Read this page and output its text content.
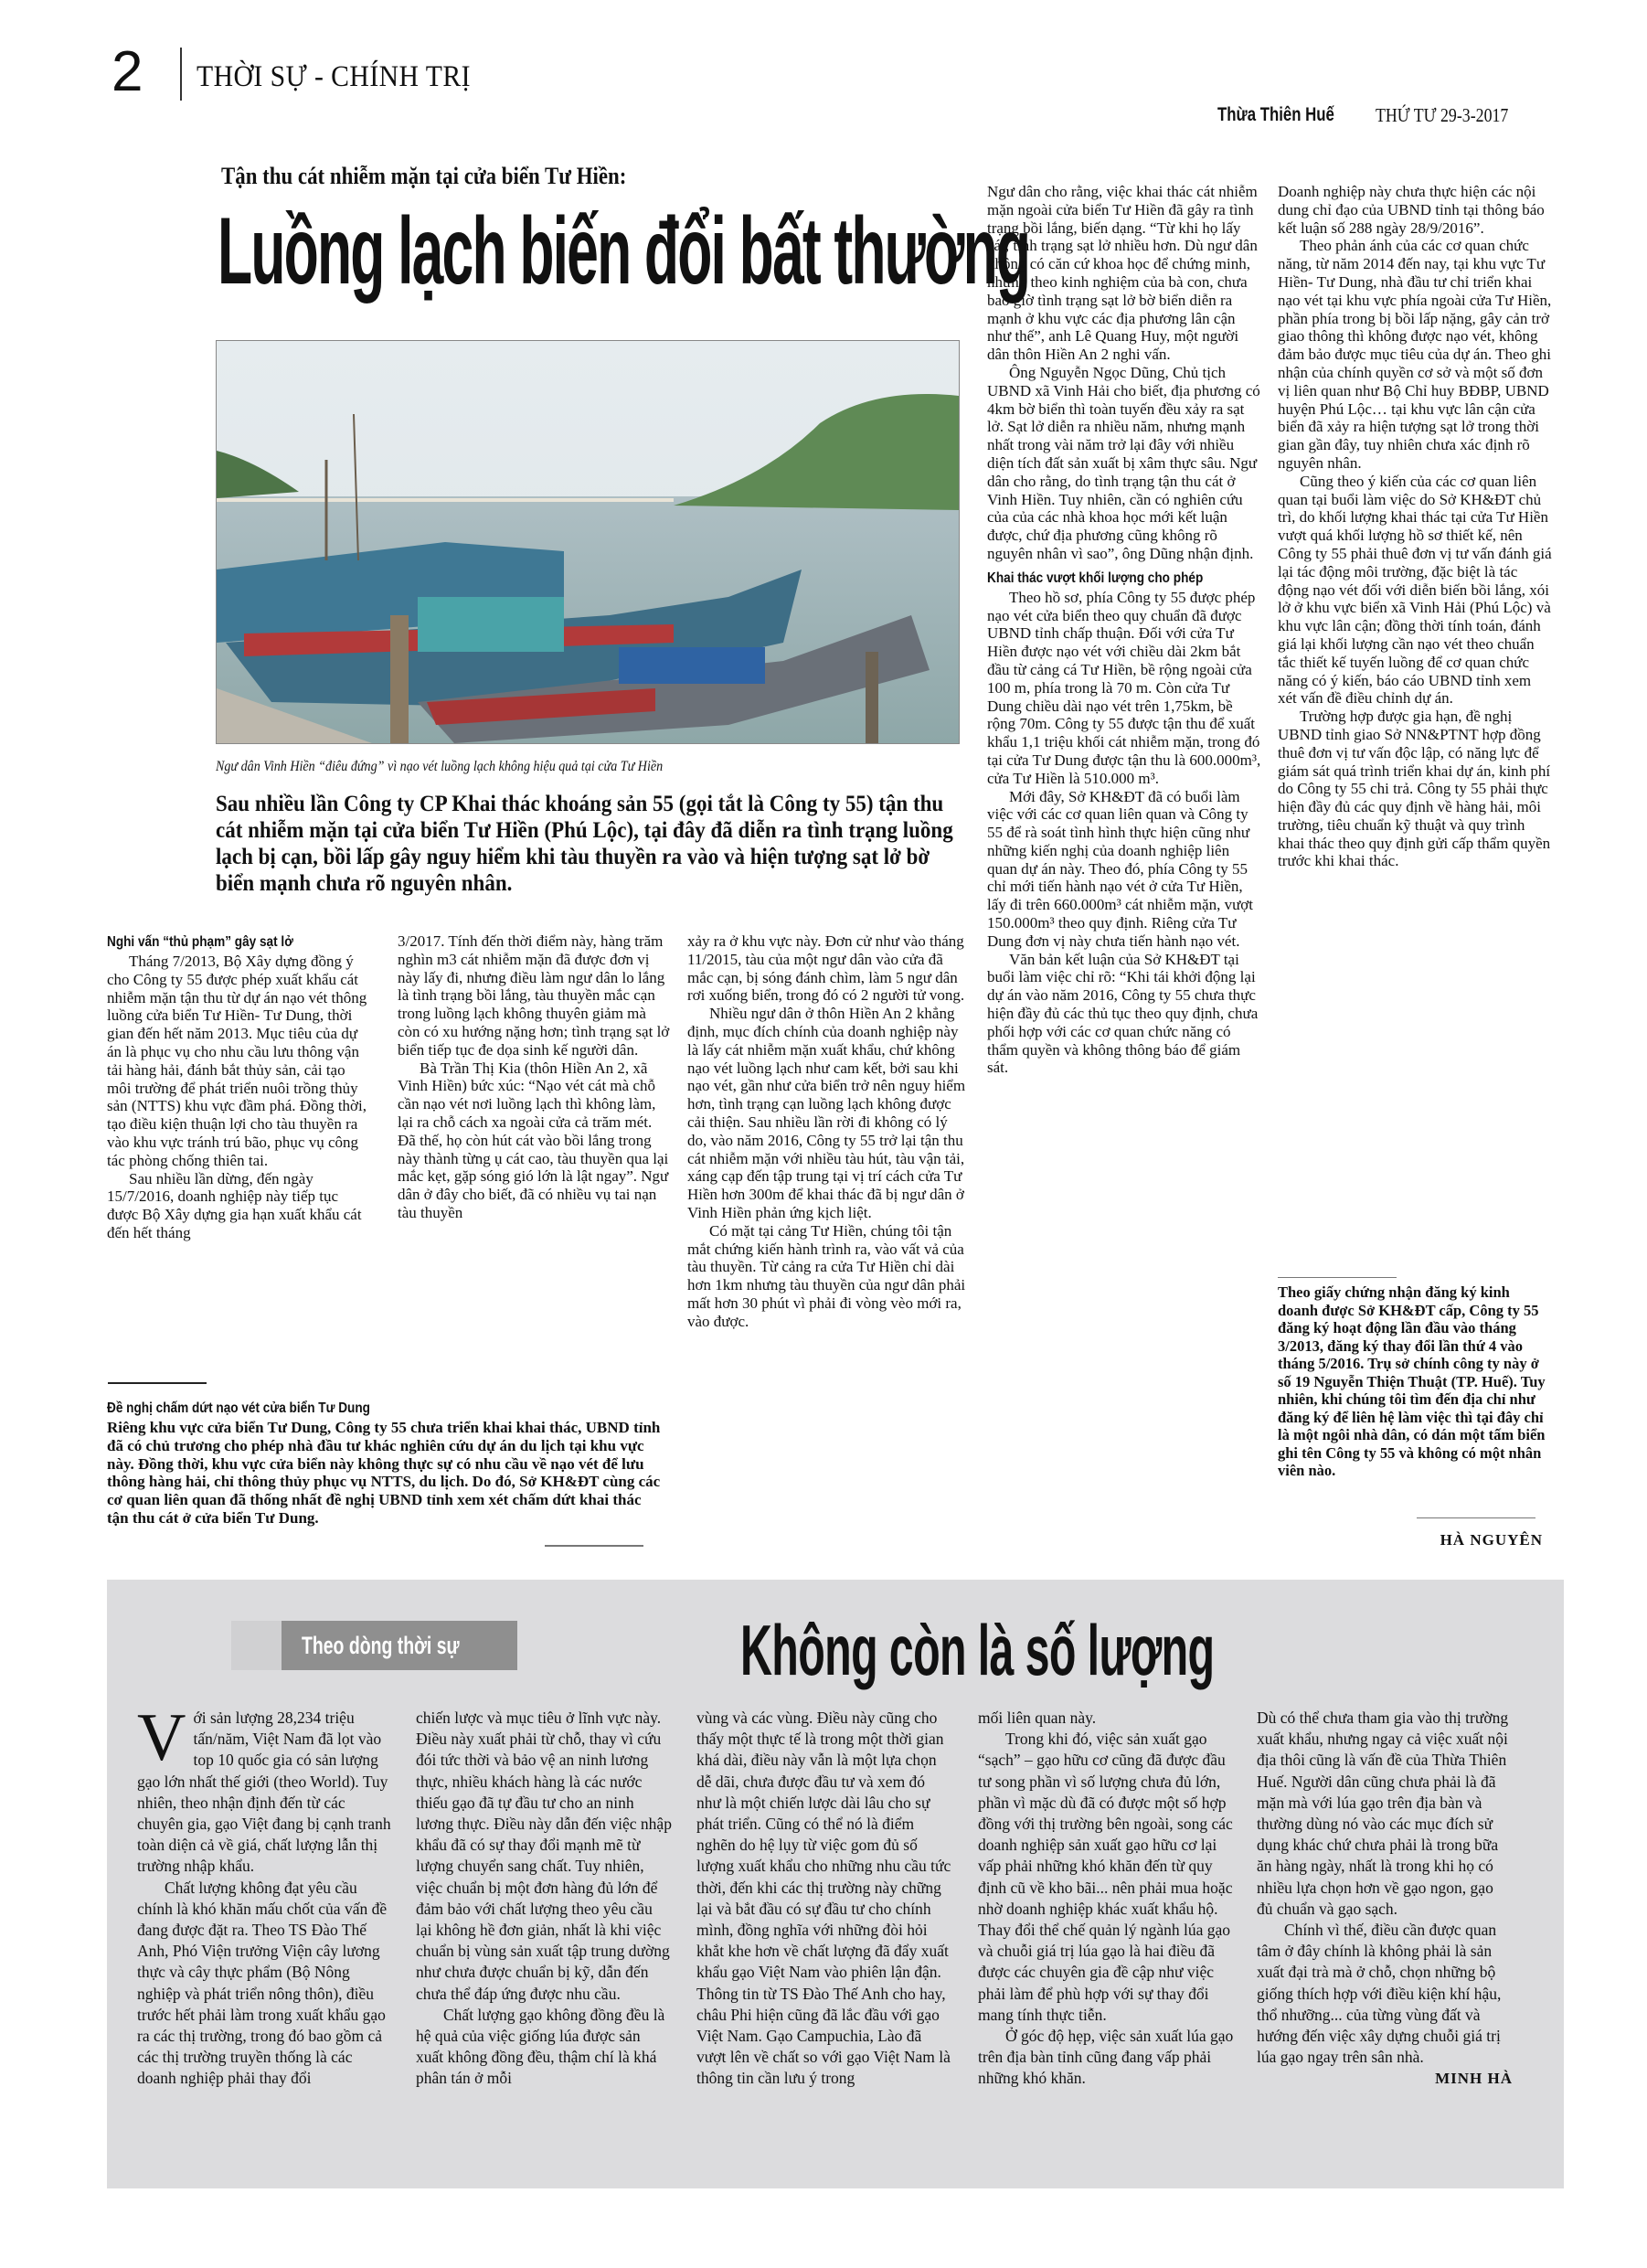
2 THỜI SỰ - CHÍNH TRỊ
Thừa Thiên Huế THỨ TƯ 29-3-2017
Tận thu cát nhiễm mặn tại cửa biển Tư Hiền:
Luồng lạch biến đổi bất thường
Ngư dân Vinh Hiền “điêu đứng” vì nạo vét luồng lạch không hiệu quả tại cửa Tư Hiền
Sau nhiều lần Công ty CP Khai thác khoáng sản 55 (gọi tắt là Công ty 55) tận thu cát nhiễm mặn tại cửa biển Tư Hiền (Phú Lộc), tại đây đã diễn ra tình trạng luồng lạch bị cạn, bồi lấp gây nguy hiểm khi tàu thuyền ra vào và hiện tượng sạt lở bờ biển mạnh chưa rõ nguyên nhân.

Nghi vấn “thủ phạm” gây sạt lở

Tháng 7/2013, Bộ Xây dựng đồng ý cho Công ty 55 được phép xuất khẩu cát nhiễm mặn tận thu từ dự án nạo vét thông luồng cửa biển Tư Hiền- Tư Dung, thời gian đến hết năm 2013. Mục tiêu của dự án là phục vụ cho nhu cầu lưu thông vận tải hàng hải, đánh bắt thủy sản, cải tạo môi trường để phát triển nuôi trồng thủy sản (NTTS) khu vực đầm phá. Đồng thời, tạo điều kiện thuận lợi cho tàu thuyền ra vào khu vực tránh trú bão, phục vụ công tác phòng chống thiên tai.

Sau nhiều lần dừng, đến ngày 15/7/2016, doanh nghiệp này tiếp tục được Bộ Xây dựng gia hạn xuất khẩu cát đến hết tháng

3/2017. Tính đến thời điểm này, hàng trăm nghìn m3 cát nhiễm mặn đã được đơn vị này lấy đi, nhưng điều làm ngư dân lo lắng là tình trạng bồi lắng, tàu thuyền mắc cạn trong luồng lạch không thuyên giảm mà còn có xu hướng nặng hơn; tình trạng sạt lở biển tiếp tục đe dọa sinh kế người dân.

Bà Trần Thị Kia (thôn Hiền An 2, xã Vinh Hiền) bức xúc: “Nạo vét cát mà chỗ cần nạo vét nơi luồng lạch thì không làm, lại ra chỗ cách xa ngoài cửa cả trăm mét. Đã thế, họ còn hút cát vào bồi lắng trong này thành từng ụ cát cao, tàu thuyền qua lại mắc kẹt, gặp sóng gió lớn là lật ngay”. Ngư dân ở đây cho biết, đã có nhiều vụ tai nạn tàu thuyền

Đề nghị chấm dứt nạo vét cửa biển Tư Dung

Riêng khu vực cửa biển Tư Dung, Công ty 55 chưa triển khai khai thác, UBND tỉnh đã có chủ trương cho phép nhà đầu tư khác nghiên cứu dự án du lịch tại khu vực này. Đồng thời, khu vực cửa biển này không thực sự có nhu cầu về nạo vét để lưu thông hàng hải, chỉ thông thủy phục vụ NTTS, du lịch. Do đó, Sở KH&ĐT cùng các cơ quan liên quan đã thống nhất đề nghị UBND tỉnh xem xét chấm dứt khai thác tận thu cát ở cửa biển Tư Dung.

xảy ra ở khu vực này. Đơn cử như vào tháng 11/2015, tàu của một ngư dân vào cửa đã mắc cạn, bị sóng đánh chìm, làm 5 ngư dân rơi xuống biển, trong đó có 2 người tử vong.

Nhiều ngư dân ở thôn Hiền An 2 khẳng định, mục đích chính của doanh nghiệp này là lấy cát nhiễm mặn xuất khẩu, chứ không nạo vét luồng lạch như cam kết, bởi sau khi nạo vét, gần như cửa biển trở nên nguy hiểm hơn, tình trạng cạn luồng lạch không được cải thiện. Sau nhiều lần rời đi không có lý do, vào năm 2016, Công ty 55 trở lại tận thu cát nhiễm mặn với nhiều tàu hút, tàu vận tải, xáng cạp đến tập trung tại vị trí cách cửa Tư Hiền hơn 300m để khai thác đã bị ngư dân ở Vinh Hiền phản ứng kịch liệt.

Có mặt tại cảng Tư Hiền, chúng tôi tận mắt chứng kiến hành trình ra, vào vất vả của tàu thuyền. Từ cảng ra cửa Tư Hiền chỉ dài hơn 1km nhưng tàu thuyền của ngư dân phải mất hơn 30 phút vì phải đi vòng vèo mới ra, vào được.

Ngư dân cho rằng, việc khai thác cát nhiễm mặn ngoài cửa biển Tư Hiền đã gây ra tình trạng bồi lắng, biến dạng. “Từ khi họ lấy cát, tình trạng sạt lở nhiều hơn. Dù ngư dân không có căn cứ khoa học để chứng minh, nhưng theo kinh nghiệm của bà con, chưa bao giờ tình trạng sạt lở bờ biển diễn ra mạnh ở khu vực các địa phương lân cận như thế”, anh Lê Quang Huy, một người dân thôn Hiền An 2 nghi vấn.

Ông Nguyễn Ngọc Dũng, Chủ tịch UBND xã Vinh Hải cho biết, địa phương có 4km bờ biển thì toàn tuyến đều xảy ra sạt lở. Sạt lở diễn ra nhiều năm, nhưng mạnh nhất trong vài năm trở lại đây với nhiều diện tích đất sản xuất bị xâm thực sâu. Ngư dân cho rằng, do tình trạng tận thu cát ở Vinh Hiền. Tuy nhiên, cần có nghiên cứu của của các nhà khoa học mới kết luận được, chứ địa phương cũng không rõ nguyên nhân vì sao”, ông Dũng nhận định.

Khai thác vượt khối lượng cho phép

Theo hồ sơ, phía Công ty 55 được phép nạo vét cửa biển theo quy chuẩn đã được UBND tỉnh chấp thuận. Đối với cửa Tư Hiền được nạo vét với chiều dài 2km bắt đầu từ cảng cá Tư Hiền, bề rộng ngoài cửa 100 m, phía trong là 70 m. Còn cửa Tư Dung chiều dài nạo vét trên 1,75km, bề rộng 70m. Công ty 55 được tận thu để xuất khẩu 1,1 triệu khối cát nhiễm mặn, trong đó tại cửa Tư Dung được tận thu là 600.000m³, cửa Tư Hiền là 510.000 m³.

Mới đây, Sở KH&ĐT đã có buổi làm việc với các cơ quan liên quan và Công ty 55 để rà soát tình hình thực hiện cũng như những kiến nghị của doanh nghiệp liên quan dự án này. Theo đó, phía Công ty 55 chỉ mới tiến hành nạo vét ở cửa Tư Hiền, lấy đi trên 660.000m³ cát nhiễm mặn, vượt 150.000m³ theo quy định. Riêng cửa Tư Dung đơn vị này chưa tiến hành nạo vét.

Văn bản kết luận của Sở KH&ĐT tại buổi làm việc chỉ rõ: “Khi tái khởi động lại dự án vào năm 2016, Công ty 55 chưa thực hiện đầy đủ các thủ tục theo quy định, chưa phối hợp với các cơ quan chức năng có thẩm quyền và không thông báo để giám sát.

Doanh nghiệp này chưa thực hiện các nội dung chỉ đạo của UBND tỉnh tại thông báo kết luận số 288 ngày 28/9/2016”.

Theo phản ánh của các cơ quan chức năng, từ năm 2014 đến nay, tại khu vực Tư Hiền- Tư Dung, nhà đầu tư chỉ triển khai nạo vét tại khu vực phía ngoài cửa Tư Hiền, phần phía trong bị bồi lấp nặng, gây cản trở giao thông thì không được nạo vét, không đảm bảo được mục tiêu của dự án. Theo ghi nhận của chính quyền cơ sở và một số đơn vị liên quan như Bộ Chỉ huy BĐBP, UBND huyện Phú Lộc… tại khu vực lân cận cửa biển đã xảy ra hiện tượng sạt lở trong thời gian gần đây, tuy nhiên chưa xác định rõ nguyên nhân.

Cũng theo ý kiến của các cơ quan liên quan tại buổi làm việc do Sở KH&ĐT chủ trì, do khối lượng khai thác tại cửa Tư Hiền vượt quá khối lượng hồ sơ thiết kế, nên Công ty 55 phải thuê đơn vị tư vấn đánh giá lại tác động môi trường, đặc biệt là tác động nạo vét đối với diễn biến bồi lắng, xói lở ở khu vực biển xã Vinh Hải (Phú Lộc) và khu vực lân cận; đồng thời tính toán, đánh giá lại khối lượng cần nạo vét theo chuẩn tắc thiết kế tuyến luồng để cơ quan chức năng có ý kiến, báo cáo UBND tỉnh xem xét vấn đề điều chỉnh dự án.

Trường hợp được gia hạn, đề nghị UBND tỉnh giao Sở NN&PTNT hợp đồng thuê đơn vị tư vấn độc lập, có năng lực để giám sát quá trình triển khai dự án, kinh phí do Công ty 55 chi trả. Công ty 55 phải thực hiện đầy đủ các quy định về hàng hải, môi trường, tiêu chuẩn kỹ thuật và quy trình khai thác theo quy định gửi cấp thẩm quyền trước khi khai thác.

Theo giấy chứng nhận đăng ký kinh doanh được Sở KH&ĐT cấp, Công ty 55 đăng ký hoạt động lần đầu vào tháng 3/2013, đăng ký thay đổi lần thứ 4 vào tháng 5/2016. Trụ sở chính công ty này ở số 19 Nguyễn Thiện Thuật (TP. Huế). Tuy nhiên, khi chúng tôi tìm đến địa chỉ như đăng ký để liên hệ làm việc thì tại đây chỉ là một ngôi nhà dân, có dán một tấm biển ghi tên Công ty 55 và không có một nhân viên nào.
HÀ NGUYÊN
Theo dòng thời sự	Không còn là số lượng
V ới sản lượng 28,234 triệu tấn/năm, Việt Nam đã lọt vào top 10 quốc gia có sản lượng gạo lớn nhất thế giới (theo World). Tuy nhiên, theo nhận định đến từ các chuyên gia, gạo Việt đang bị cạnh tranh toàn diện cả về giá, chất lượng lẫn thị trường nhập khẩu.

Chất lượng không đạt yêu cầu chính là khó khăn mấu chốt của vấn đề đang được đặt ra. Theo TS Đào Thế Anh, Phó Viện trưởng Viện cây lương thực và cây thực phẩm (Bộ Nông nghiệp và phát triển nông thôn), điều trước hết phải làm trong xuất khẩu gạo ra các thị trường, trong đó bao gồm cả các thị trường truyền thống là các doanh nghiệp phải thay đổi

chiến lược và mục tiêu ở lĩnh vực này. Điều này xuất phải từ chỗ, thay vì cứu đói tức thời và bảo vệ an ninh lương thực, nhiều khách hàng là các nước thiếu gạo đã tự đầu tư cho an ninh lương thực. Điều này dẫn đến việc nhập khẩu đã có sự thay đổi mạnh mẽ từ lượng chuyển sang chất. Tuy nhiên, việc chuẩn bị một đơn hàng đủ lớn để đảm bảo với chất lượng theo yêu cầu lại không hề đơn giản, nhất là khi việc chuẩn bị vùng sản xuất tập trung dường như chưa được chuẩn bị kỹ, dẫn đến chưa thể đáp ứng được nhu cầu.

Chất lượng gạo không đồng đều là hệ quả của việc giống lúa được sản xuất không đồng đều, thậm chí là khá phân tán ở mỗi

vùng và các vùng. Điều này cũng cho thấy một thực tế là trong một thời gian khá dài, điều này vẫn là một lựa chọn dễ dãi, chưa được đầu tư và xem đó như là một chiến lược dài lâu cho sự phát triển. Cũng có thể nó là điểm nghẽn do hệ lụy từ việc gom đủ số lượng xuất khẩu cho những nhu cầu tức thời, đến khi các thị trường này chững lại và bắt đầu có sự đầu tư cho chính mình, đồng nghĩa với những đòi hỏi khắt khe hơn về chất lượng đã đẩy xuất khẩu gạo Việt Nam vào phiên lận đận. Thông tin từ TS Đào Thế Anh cho hay, châu Phi hiện cũng đã lắc đầu với gạo Việt Nam. Gạo Campuchia, Lào đã vượt lên về chất so với gạo Việt Nam là thông tin cần lưu ý trong

mối liên quan này.

Trong khi đó, việc sản xuất gạo “sạch” – gạo hữu cơ cũng đã được đầu tư song phần vì số lượng chưa đủ lớn, phần vì mặc dù đã có được một số hợp đồng với thị trường bên ngoài, song các doanh nghiệp sản xuất gạo hữu cơ lại vấp phải những khó khăn đến từ quy định cũ về kho bãi... nên phải mua hoặc nhờ doanh nghiệp khác xuất khẩu hộ. Thay đổi thể chế quản lý ngành lúa gạo và chuỗi giá trị lúa gạo là hai điều đã được các chuyên gia đề cập như việc phải làm để phù hợp với sự thay đổi mang tính thực tiễn.

Ở góc độ hẹp, việc sản xuất lúa gạo trên địa bàn tỉnh cũng đang vấp phải những khó khăn.

Dù có thể chưa tham gia vào thị trường xuất khẩu, nhưng ngay cả việc xuất nội địa thôi cũng là vấn đề của Thừa Thiên Huế. Người dân cũng chưa phải là đã mặn mà với lúa gạo trên địa bàn và thường dùng nó vào các mục đích sử dụng khác chứ chưa phải là trong bữa ăn hàng ngày, nhất là trong khi họ có nhiều lựa chọn hơn về gạo ngon, gạo đủ chuẩn và gạo sạch.

Chính vì thế, điều cần được quan tâm ở đây chính là không phải là sản xuất đại trà mà ở chỗ, chọn những bộ giống thích hợp với điều kiện khí hậu, thổ nhưỡng... của từng vùng đất và hướng đến việc xây dựng chuỗi giá trị lúa gạo ngay trên sân nhà.

MINH HÀ
